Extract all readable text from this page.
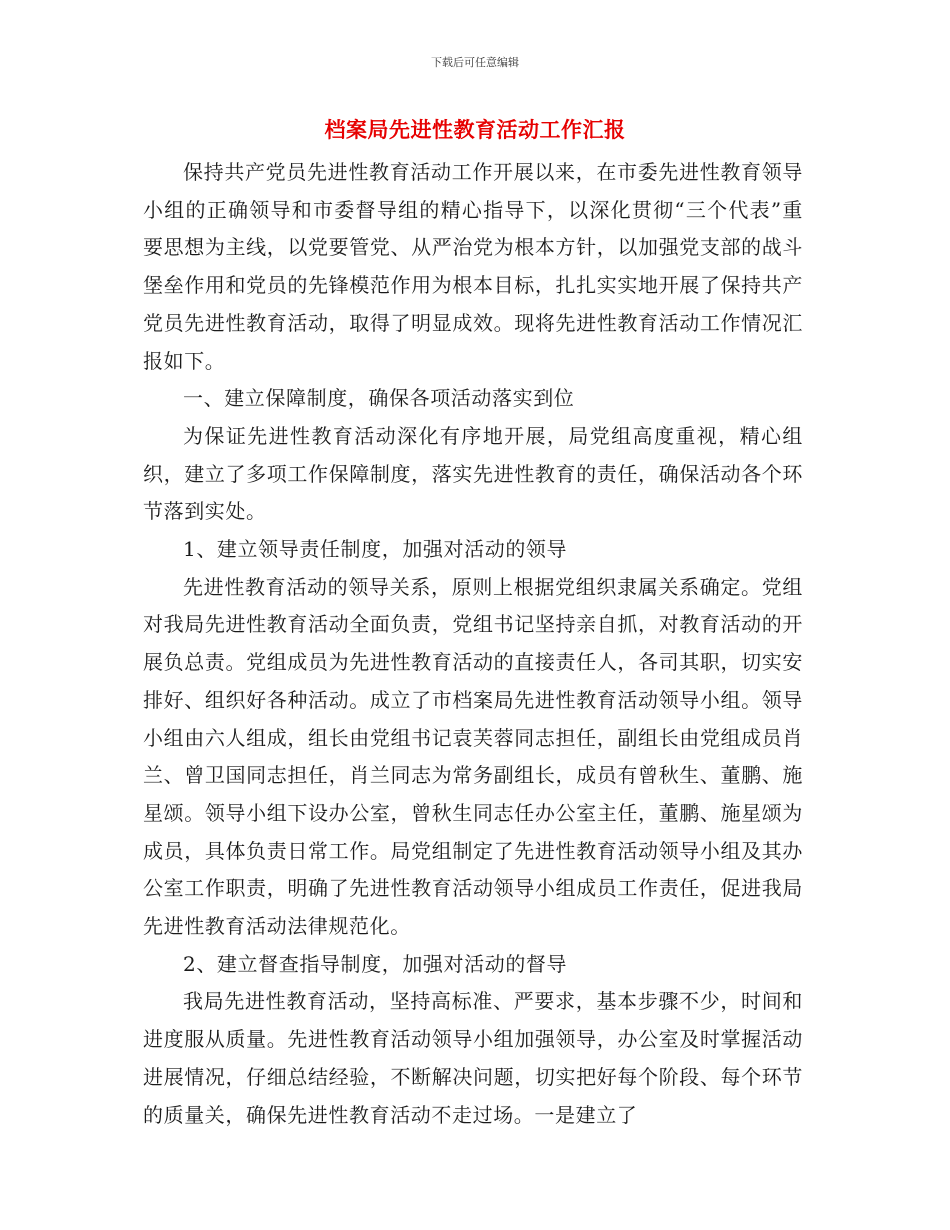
下载后可任意编辑
档案局先进性教育活动工作汇报

保持共产党员先进性教育活动工作开展以来，在市委先进性教育领导小组的正确领导和市委督导组的精心指导下，以深化贯彻“三个代表”重要思想为主线，以党要管党、从严治党为根本方针，以加强党支部的战斗堡垒作用和党员的先锋模范作用为根本目标，扎扎实实地开展了保持共产党员先进性教育活动，取得了明显成效。现将先进性教育活动工作情况汇报如下。

一、建立保障制度，确保各项活动落实到位

为保证先进性教育活动深化有序地开展，局党组高度重视，精心组织，建立了多项工作保障制度，落实先进性教育的责任，确保活动各个环节落到实处。

1、建立领导责任制度，加强对活动的领导

先进性教育活动的领导关系，原则上根据党组织隶属关系确定。党组对我局先进性教育活动全面负责，党组书记坚持亲自抓，对教育活动的开展负总责。党组成员为先进性教育活动的直接责任人，各司其职，切实安排好、组织好各种活动。成立了市档案局先进性教育活动领导小组。领导小组由六人组成，组长由党组书记袁芙蓉同志担任，副组长由党组成员肖兰、曾卫国同志担任，肖兰同志为常务副组长，成员有曾秋生、董鹏、施星颂。领导小组下设办公室，曾秋生同志任办公室主任，董鹏、施星颂为成员，具体负责日常工作。局党组制定了先进性教育活动领导小组及其办公室工作职责，明确了先进性教育活动领导小组成员工作责任，促进我局先进性教育活动法律规范化。

2、建立督查指导制度，加强对活动的督导

我局先进性教育活动，坚持高标准、严要求，基本步骤不少，时间和进度服从质量。先进性教育活动领导小组加强领导，办公室及时掌握活动进展情况，仔细总结经验，不断解决问题，切实把好每个阶段、每个环节的质量关，确保先进性教育活动不走过场。一是建立了
